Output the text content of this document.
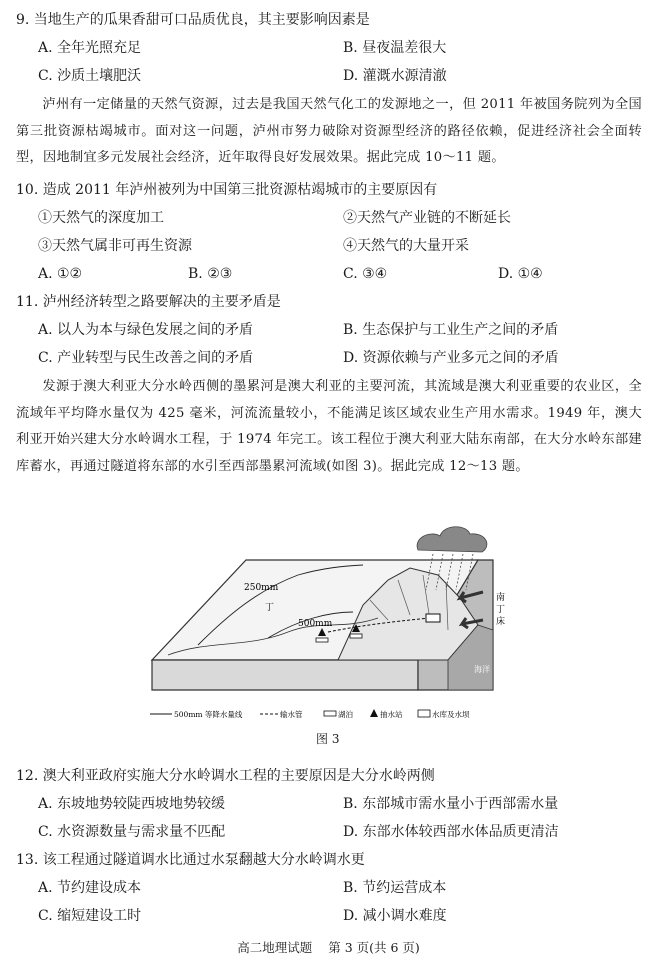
9. 当地生产的瓜果香甜可口品质优良，其主要影响因素是
A. 全年光照充足	B. 昼夜温差很大
C. 沙质土壤肥沃	D. 灌溉水源清澈
泸州有一定储量的天然气资源，过去是我国天然气化工的发源地之一，但 2011 年被国务院列为全国第三批资源枯竭城市。面对这一问题，泸州市努力破除对资源型经济的路径依赖，促进经济社会全面转型，因地制宜多元发展社会经济，近年取得良好发展效果。据此完成 10～11 题。
10. 造成 2011 年泸州被列为中国第三批资源枯竭城市的主要原因有
①天然气的深度加工	②天然气产业链的不断延长
③天然气属非可再生资源	④天然气的大量开采
A. ①②	B. ②③	C. ③④	D. ①④
11. 泸州经济转型之路要解决的主要矛盾是
A. 以人为本与绿色发展之间的矛盾	B. 生态保护与工业生产之间的矛盾
C. 产业转型与民生改善之间的矛盾	D. 资源依赖与产业多元之间的矛盾
发源于澳大利亚大分水岭西侧的墨累河是澳大利亚的主要河流，其流域是澳大利亚重要的农业区，全流域年平均降水量仅为 425 毫米，河流流量较小，不能满足该区域农业生产用水需求。1949 年，澳大利亚开始兴建大分水岭调水工程，于 1974 年完工。该工程位于澳大利亚大陆东南部，在大分水岭东部建库蓄水，再通过隧道将东部的水引至西部墨累河流域(如图 3)。据此完成 12～13 题。
250mm
500mm
丁
南
丁
床
海洋
500mm 等降水量线	输水管	湖泊	抽水站	水库及水坝
图 3
12. 澳大利亚政府实施大分水岭调水工程的主要原因是大分水岭两侧
A. 东坡地势较陡西坡地势较缓	B. 东部城市需水量小于西部需水量
C. 水资源数量与需求量不匹配	D. 东部水体较西部水体品质更清洁
13. 该工程通过隧道调水比通过水泵翻越大分水岭调水更
A. 节约建设成本	B. 节约运营成本
C. 缩短建设工时	D. 减小调水难度
高二地理试题 第 3 页(共 6 页)
